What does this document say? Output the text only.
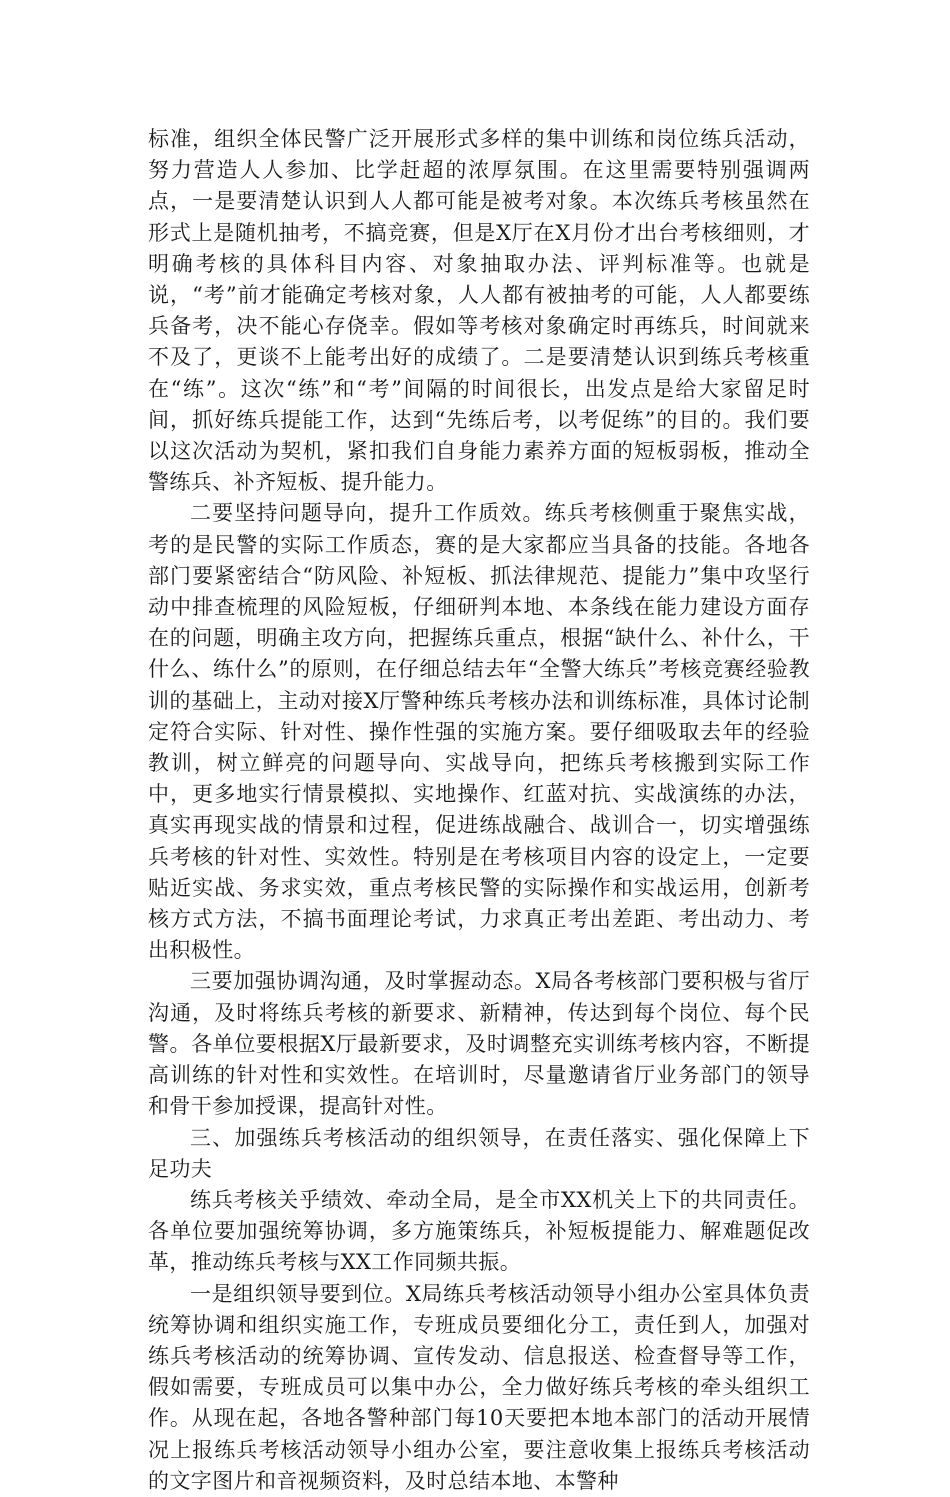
标准，组织全体民警广泛开展形式多样的集中训练和岗位练兵活动，努力营造人人参加、比学赶超的浓厚氛围。在这里需要特别强调两点，一是要清楚认识到人人都可能是被考对象。本次练兵考核虽然在形式上是随机抽考，不搞竞赛，但是X厅在X月份才出台考核细则，才明确考核的具体科目内容、对象抽取办法、评判标准等。也就是说，“考”前才能确定考核对象，人人都有被抽考的可能，人人都要练兵备考，决不能心存侥幸。假如等考核对象确定时再练兵，时间就来不及了，更谈不上能考出好的成绩了。二是要清楚认识到练兵考核重在“练”。这次“练”和“考”间隔的时间很长，出发点是给大家留足时间，抓好练兵提能工作，达到“先练后考，以考促练”的目的。我们要以这次活动为契机，紧扣我们自身能力素养方面的短板弱板，推动全警练兵、补齐短板、提升能力。

二要坚持问题导向，提升工作质效。练兵考核侧重于聚焦实战，考的是民警的实际工作质态，赛的是大家都应当具备的技能。各地各部门要紧密结合“防风险、补短板、抓法律规范、提能力”集中攻坚行动中排查梳理的风险短板，仔细研判本地、本条线在能力建设方面存在的问题，明确主攻方向，把握练兵重点，根据“缺什么、补什么，干什么、练什么”的原则，在仔细总结去年“全警大练兵”考核竞赛经验教训的基础上，主动对接X厅警种练兵考核办法和训练标准，具体讨论制定符合实际、针对性、操作性强的实施方案。要仔细吸取去年的经验教训，树立鲜亮的问题导向、实战导向，把练兵考核搬到实际工作中，更多地实行情景模拟、实地操作、红蓝对抗、实战演练的办法，真实再现实战的情景和过程，促进练战融合、战训合一，切实增强练兵考核的针对性、实效性。特别是在考核项目内容的设定上，一定要贴近实战、务求实效，重点考核民警的实际操作和实战运用，创新考核方式方法，不搞书面理论考试，力求真正考出差距、考出动力、考出积极性。

三要加强协调沟通，及时掌握动态。X局各考核部门要积极与省厅沟通，及时将练兵考核的新要求、新精神，传达到每个岗位、每个民警。各单位要根据X厅最新要求，及时调整充实训练考核内容，不断提高训练的针对性和实效性。在培训时，尽量邀请省厅业务部门的领导和骨干参加授课，提高针对性。

三、加强练兵考核活动的组织领导，在责任落实、强化保障上下足功夫

练兵考核关乎绩效、牵动全局，是全市XX机关上下的共同责任。各单位要加强统筹协调，多方施策练兵，补短板提能力、解难题促改革，推动练兵考核与XX工作同频共振。

一是组织领导要到位。X局练兵考核活动领导小组办公室具体负责统筹协调和组织实施工作，专班成员要细化分工，责任到人，加强对练兵考核活动的统筹协调、宣传发动、信息报送、检查督导等工作，假如需要，专班成员可以集中办公，全力做好练兵考核的牵头组织工作。从现在起，各地各警种部门每10天要把本地本部门的活动开展情况上报练兵考核活动领导小组办公室，要注意收集上报练兵考核活动的文字图片和音视频资料，及时总结本地、本警种
